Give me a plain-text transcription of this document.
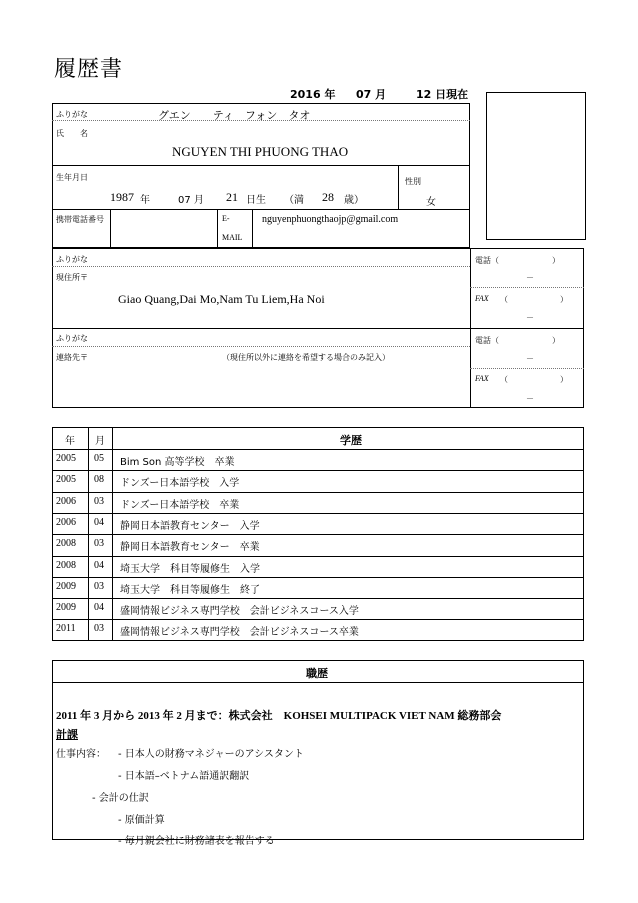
履歴書
2016 年 07 月	12 日現在
ふりがな	グエン　　ティ　フォン　タオ
氏　　名
NGUYEN THI PHUONG THAO
生年月日
1987 年	07 月 21 日生 （満 28 歳）
性別
女
携帯電話番号	E-
MAIL
nguyenphuongthaojp@gmail.com
ふりがな
現住所〒
Giao Quang,Dai Mo,Nam Tu Liem,Ha Noi
電話（	）
－
FAX （	）
－
ふりがな
連絡先〒	（現住所以外に連絡を希望する場合のみ記入）
電話（	）
－
FAX （	）
－
年 月	学歴
2005 05 Bim Son 高等学校　卒業
2005 08 ドンズー日本語学校　入学
2006 03 ドンズー日本語学校　卒業
2006 04 静岡日本語教育センター　入学
2008 03 静岡日本語教育センター　卒業
2008 04 埼玉大学　科目等履修生　入学
2009 03 埼玉大学　科目等履修生　終了
2009 04 盛岡情報ビジネス専門学校　会計ビジネスコース入学
2011 03 盛岡情報ビジネス専門学校　会計ビジネスコース卒業
職歴
2011 年 3 月から 2013 年 2 月まで：株式会社　KOHSEI MULTIPACK VIET NAM 総務部会
計課
仕事内容： - 日本人の財務マネジャーのアシスタント
- 日本語–ベトナム語通訳翻訳
- 会計の仕訳
- 原価計算
- 毎月親会社に財務諸表を報告する
